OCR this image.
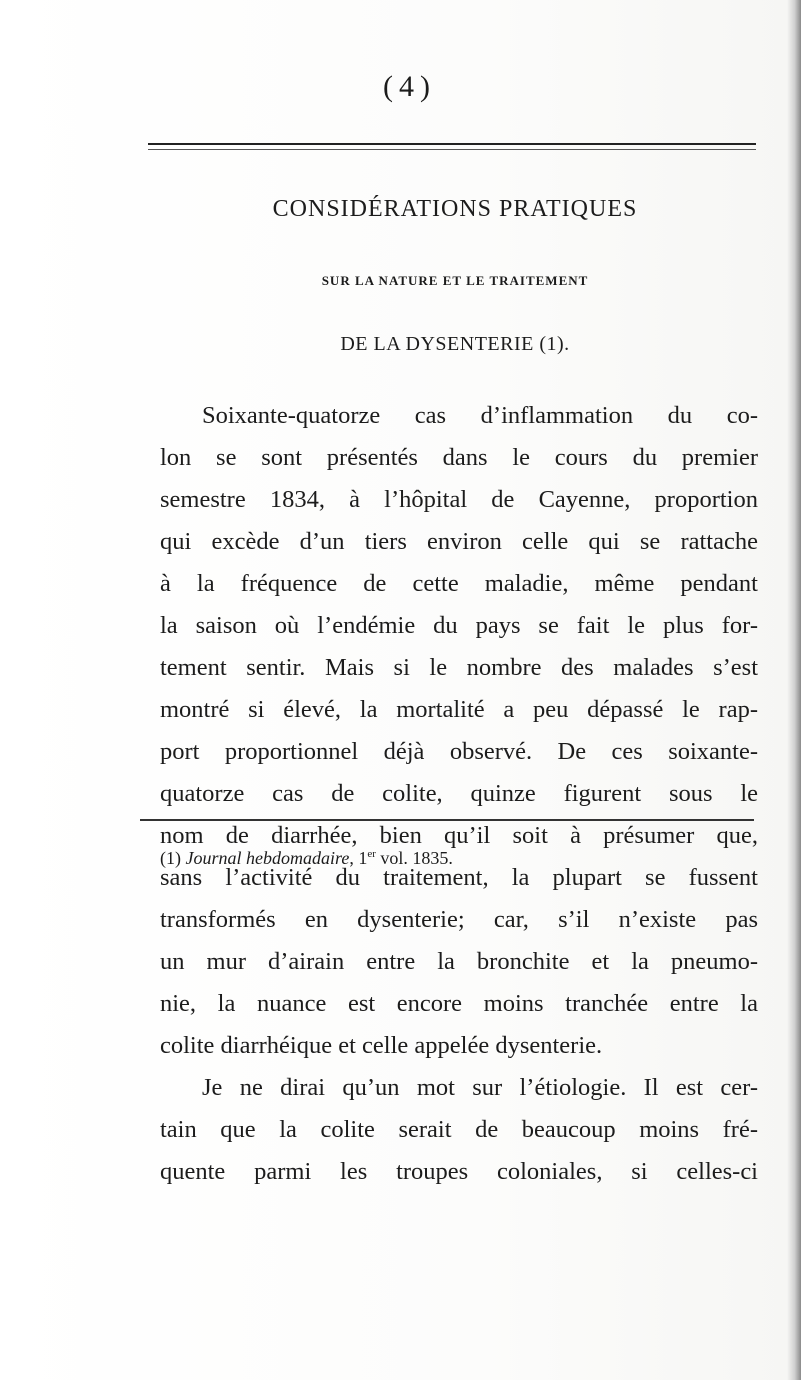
(4)
CONSIDÉRATIONS PRATIQUES
SUR LA NATURE ET LE TRAITEMENT
DE LA DYSENTERIE (1).
Soixante-quatorze cas d’inflammation du co-
lon se sont présentés dans le cours du premier
semestre 1834, à l’hôpital de Cayenne, proportion
qui excède d’un tiers environ celle qui se rattache
à la fréquence de cette maladie, même pendant
la saison où l’endémie du pays se fait le plus for-
tement sentir. Mais si le nombre des malades s’est
montré si élevé, la mortalité a peu dépassé le rap-
port proportionnel déjà observé. De ces soixante-
quatorze cas de colite, quinze figurent sous le
nom de diarrhée, bien qu’il soit à présumer que,
sans l’activité du traitement, la plupart se fussent
transformés en dysenterie; car, s’il n’existe pas
un mur d’airain entre la bronchite et la pneumo-
nie, la nuance est encore moins tranchée entre la
colite diarrhéique et celle appelée dysenterie.
Je ne dirai qu’un mot sur l’étiologie. Il est cer-
tain que la colite serait de beaucoup moins fré-
quente parmi les troupes coloniales, si celles-ci
(1) Journal hebdomadaire, 1er vol. 1835.
